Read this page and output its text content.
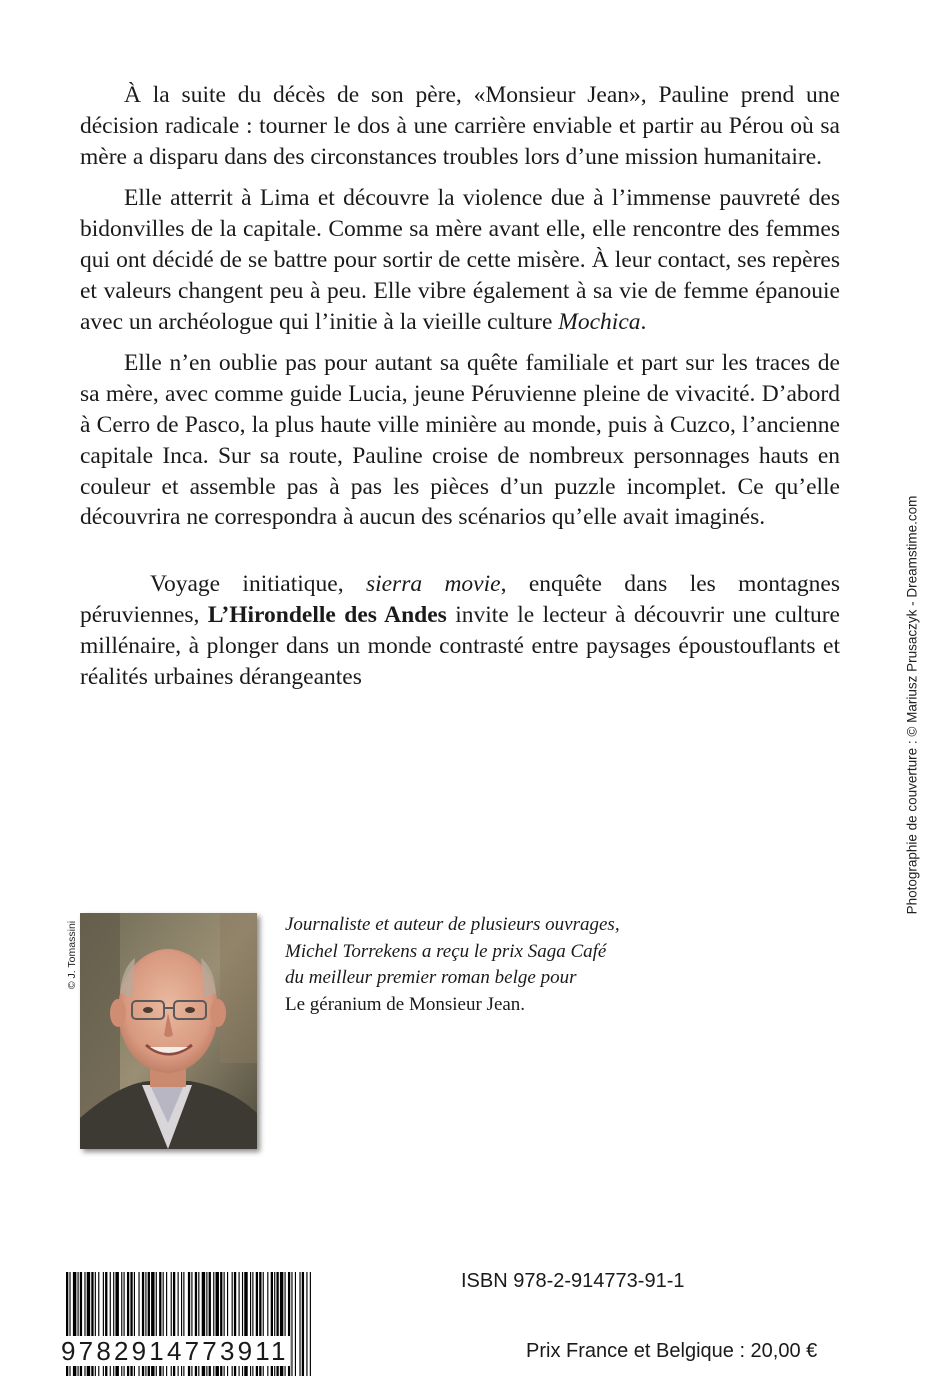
À la suite du décès de son père, «Monsieur Jean», Pauline prend une décision radicale : tourner le dos à une carrière enviable et partir au Pérou où sa mère a disparu dans des circonstances troubles lors d’une mission humanitaire.

Elle atterrit à Lima et découvre la violence due à l’immense pauvreté des bidonvilles de la capitale. Comme sa mère avant elle, elle rencontre des femmes qui ont décidé de se battre pour sortir de cette misère. À leur contact, ses repères et valeurs changent peu à peu. Elle vibre également à sa vie de femme épanouie avec un archéologue qui l’initie à la vieille culture Mochica.

Elle n’en oublie pas pour autant sa quête familiale et part sur les traces de sa mère, avec comme guide Lucia, jeune Péruvienne pleine de vivacité. D’abord à Cerro de Pasco, la plus haute ville minière au monde, puis à Cuzco, l’ancienne capitale Inca. Sur sa route, Pauline croise de nombreux personnages hauts en couleur et assemble pas à pas les pièces d’un puzzle incomplet. Ce qu’elle découvrira ne correspondra à aucun des scénarios qu’elle avait imaginés.

Voyage initiatique, sierra movie, enquête dans les montagnes péruviennes, L’Hirondelle des Andes invite le lecteur à découvrir une culture millénaire, à plonger dans un monde contrasté entre paysages époustouflants et réalités urbaines dérangeantes	Photographie de couverture : © Mariusz Prusaczyk - Dreamstime.com
© J. Tomassini	Journaliste et auteur de plusieurs ouvrages,
Michel Torrekens a reçu le prix Saga Café
du meilleur premier roman belge pour
Le géranium de Monsieur Jean.
9782914773911
ISBN 978-2-914773-91-1
Prix France et Belgique : 20,00 €
